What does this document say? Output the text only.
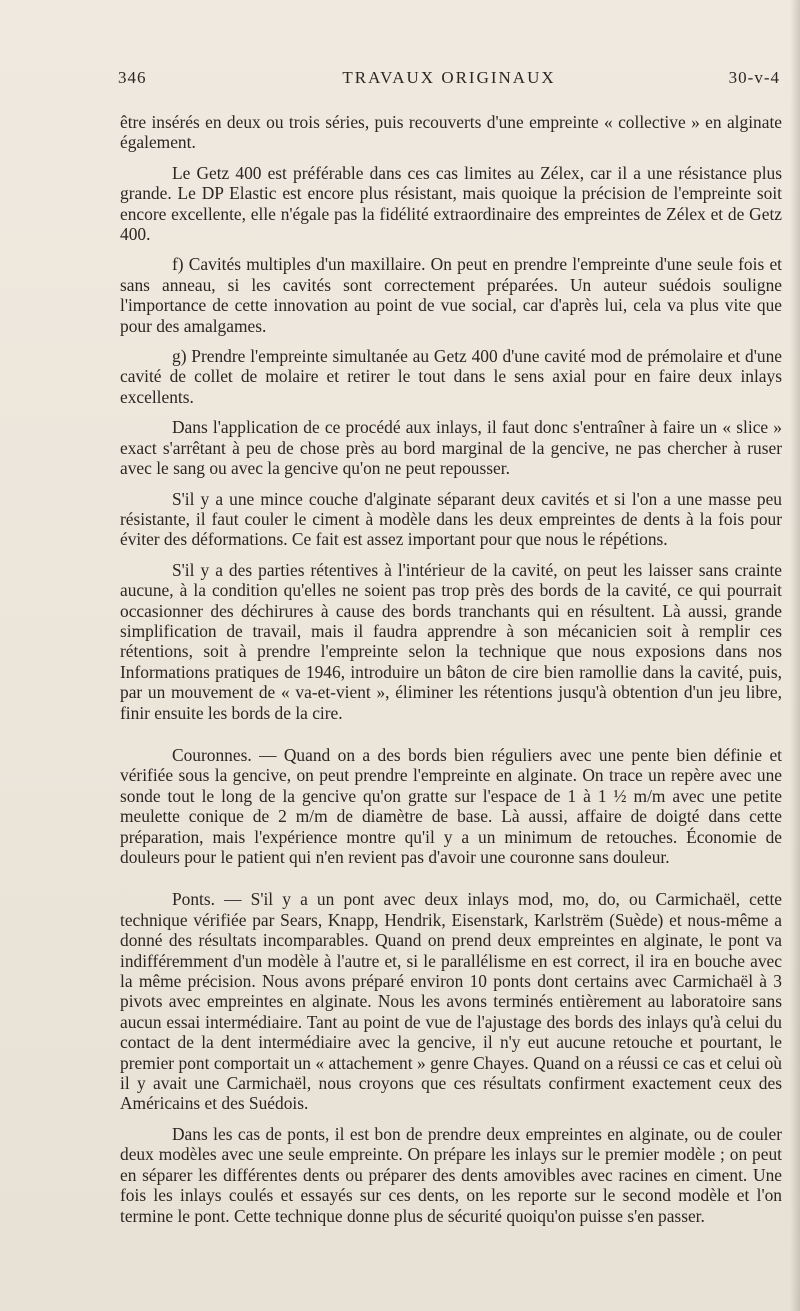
346	TRAVAUX ORIGINAUX	30-v-4

être insérés en deux ou trois séries, puis recouverts d'une empreinte « collective » en alginate également.

Le Getz 400 est préférable dans ces cas limites au Zélex, car il a une résistance plus grande. Le DP Elastic est encore plus résistant, mais quoique la précision de l'empreinte soit encore excellente, elle n'égale pas la fidélité extraordinaire des empreintes de Zélex et de Getz 400.

f) Cavités multiples d'un maxillaire. On peut en prendre l'empreinte d'une seule fois et sans anneau, si les cavités sont correctement préparées. Un auteur suédois souligne l'importance de cette innovation au point de vue social, car d'après lui, cela va plus vite que pour des amalgames.

g) Prendre l'empreinte simultanée au Getz 400 d'une cavité mod de prémolaire et d'une cavité de collet de molaire et retirer le tout dans le sens axial pour en faire deux inlays excellents.

Dans l'application de ce procédé aux inlays, il faut donc s'entraîner à faire un « slice » exact s'arrêtant à peu de chose près au bord marginal de la gencive, ne pas chercher à ruser avec le sang ou avec la gencive qu'on ne peut repousser.

S'il y a une mince couche d'alginate séparant deux cavités et si l'on a une masse peu résistante, il faut couler le ciment à modèle dans les deux empreintes de dents à la fois pour éviter des déformations. Ce fait est assez important pour que nous le répétions.

S'il y a des parties rétentives à l'intérieur de la cavité, on peut les laisser sans crainte aucune, à la condition qu'elles ne soient pas trop près des bords de la cavité, ce qui pourrait occasionner des déchirures à cause des bords tranchants qui en résultent. Là aussi, grande simplification de travail, mais il faudra apprendre à son mécanicien soit à remplir ces rétentions, soit à prendre l'empreinte selon la technique que nous exposions dans nos Informations pratiques de 1946, introduire un bâton de cire bien ramollie dans la cavité, puis, par un mouvement de « va-et-vient », éliminer les rétentions jusqu'à obtention d'un jeu libre, finir ensuite les bords de la cire.

Couronnes. — Quand on a des bords bien réguliers avec une pente bien définie et vérifiée sous la gencive, on peut prendre l'empreinte en alginate. On trace un repère avec une sonde tout le long de la gencive qu'on gratte sur l'espace de 1 à 1 ½ m/m avec une petite meulette conique de 2 m/m de diamètre de base. Là aussi, affaire de doigté dans cette préparation, mais l'expérience montre qu'il y a un minimum de retouches. Économie de douleurs pour le patient qui n'en revient pas d'avoir une couronne sans douleur.

Ponts. — S'il y a un pont avec deux inlays mod, mo, do, ou Carmichaël, cette technique vérifiée par Sears, Knapp, Hendrik, Eisenstark, Karlstrëm (Suède) et nous-même a donné des résultats incomparables. Quand on prend deux empreintes en alginate, le pont va indifféremment d'un modèle à l'autre et, si le parallélisme en est correct, il ira en bouche avec la même précision. Nous avons préparé environ 10 ponts dont certains avec Carmichaël à 3 pivots avec empreintes en alginate. Nous les avons terminés entièrement au laboratoire sans aucun essai intermédiaire. Tant au point de vue de l'ajustage des bords des inlays qu'à celui du contact de la dent intermédiaire avec la gencive, il n'y eut aucune retouche et pourtant, le premier pont comportait un « attachement » genre Chayes. Quand on a réussi ce cas et celui où il y avait une Carmichaël, nous croyons que ces résultats confirment exactement ceux des Américains et des Suédois.

Dans les cas de ponts, il est bon de prendre deux empreintes en alginate, ou de couler deux modèles avec une seule empreinte. On prépare les inlays sur le premier modèle ; on peut en séparer les différentes dents ou préparer des dents amovibles avec racines en ciment. Une fois les inlays coulés et essayés sur ces dents, on les reporte sur le second modèle et l'on termine le pont. Cette technique donne plus de sécurité quoiqu'on puisse s'en passer.
